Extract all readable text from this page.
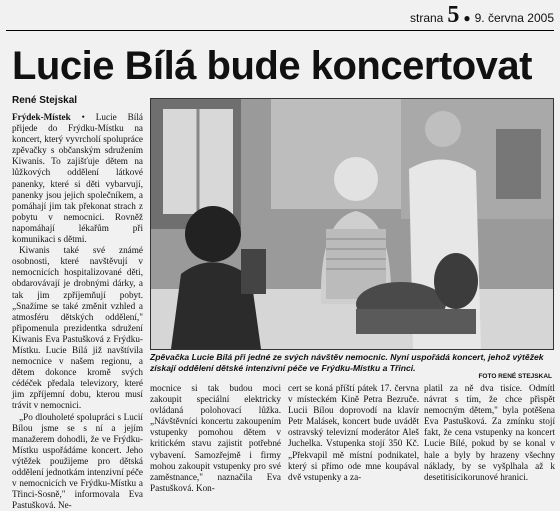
strana 5 ● 9. června 2005
Lucie Bílá bude koncertovat
René Stejskal

Frýdek-Místek • Lucie Bílá přijede do Frýdku-Místku na koncert, který vyvrcholí spolupráce zpěvačky s občanským sdružením Kiwanis. To zajišťuje dětem na lůžkových oddělení látkové panenky, které si děti vybarvují, panenky jsou jejich společníkem, a pomáhají jim tak překonat strach z pobytu v nemocnici. Rovněž napomáhají lékařům při komunikaci s dětmi.

Kiwanis také své známé osobnosti, které navštěvují v nemocnicích hospitalizované děti, obdarovávají je drobnými dárky, a tak jim zpříjemňují pobyt. „Snažíme se také změnit vzhled a atmosféru dětských oddělení," připomenula prezidentka sdružení Kiwanis Eva Pastušková z Frýdku-Místku. Lucie Bílá již navštívila nemocnice v našem regionu, a dětem dokonce kromě svých cédéček předala televizory, které jim zpříjemní dobu, kterou musí trávit v nemocnici.

„Po dlouholeté spolupráci s Lucií Bílou jsme se s ní a jejím manažerem dohodli, že ve Frýdku-Místku uspořádáme koncert. Jeho výtěžek použijeme pro dětská oddělení jednotkám intenzivní péče v nemocnicích ve Frýdku-Místku a Třinci-Sosně," informovala Eva Pastušková. Ne-

Zpěvačka Lucie Bílá při jedné ze svých návštěv nemocnic. Nyní uspořádá koncert, jehož výtěžek získají oddělení dětské intenzivní péče ve Frýdku-Místku a Třinci.
FOTO RENÉ STEJSKAL

mocnice si tak budou moci zakoupit speciální elektricky ovládaná polohovací lůžka. „Návštěvníci koncertu zakoupením vstupenky pomohou dětem v kritickém stavu zajistit potřebné vybavení. Samozřejmě i firmy mohou zakoupit vstupenky pro své zaměstnance," naznačila Eva Pastušková. Kon-

cert se koná příští pátek 17. června v místeckém Kině Petra Bezruče. Lucii Bílou doprovodí na klavír Petr Malásek, koncert bude uvádět ostravský televizní moderátor Aleš Juchelka. Vstupenka stojí 350 Kč. „Překvapil mě místní podnikatel, který si přímo ode mne koupával dvě vstupenky a za-

platil za ně dva tisíce. Odmítl návrat s tím, že chce přispět nemocným dětem," byla potěšena Eva Pastušková. Za zmínku stojí fakt, že cena vstupenky na koncert Lucie Bílé, pokud by se konal v hale a byly by hrazeny všechny náklady, by se vyšplhala až k desetitisícikorunové hranici.
